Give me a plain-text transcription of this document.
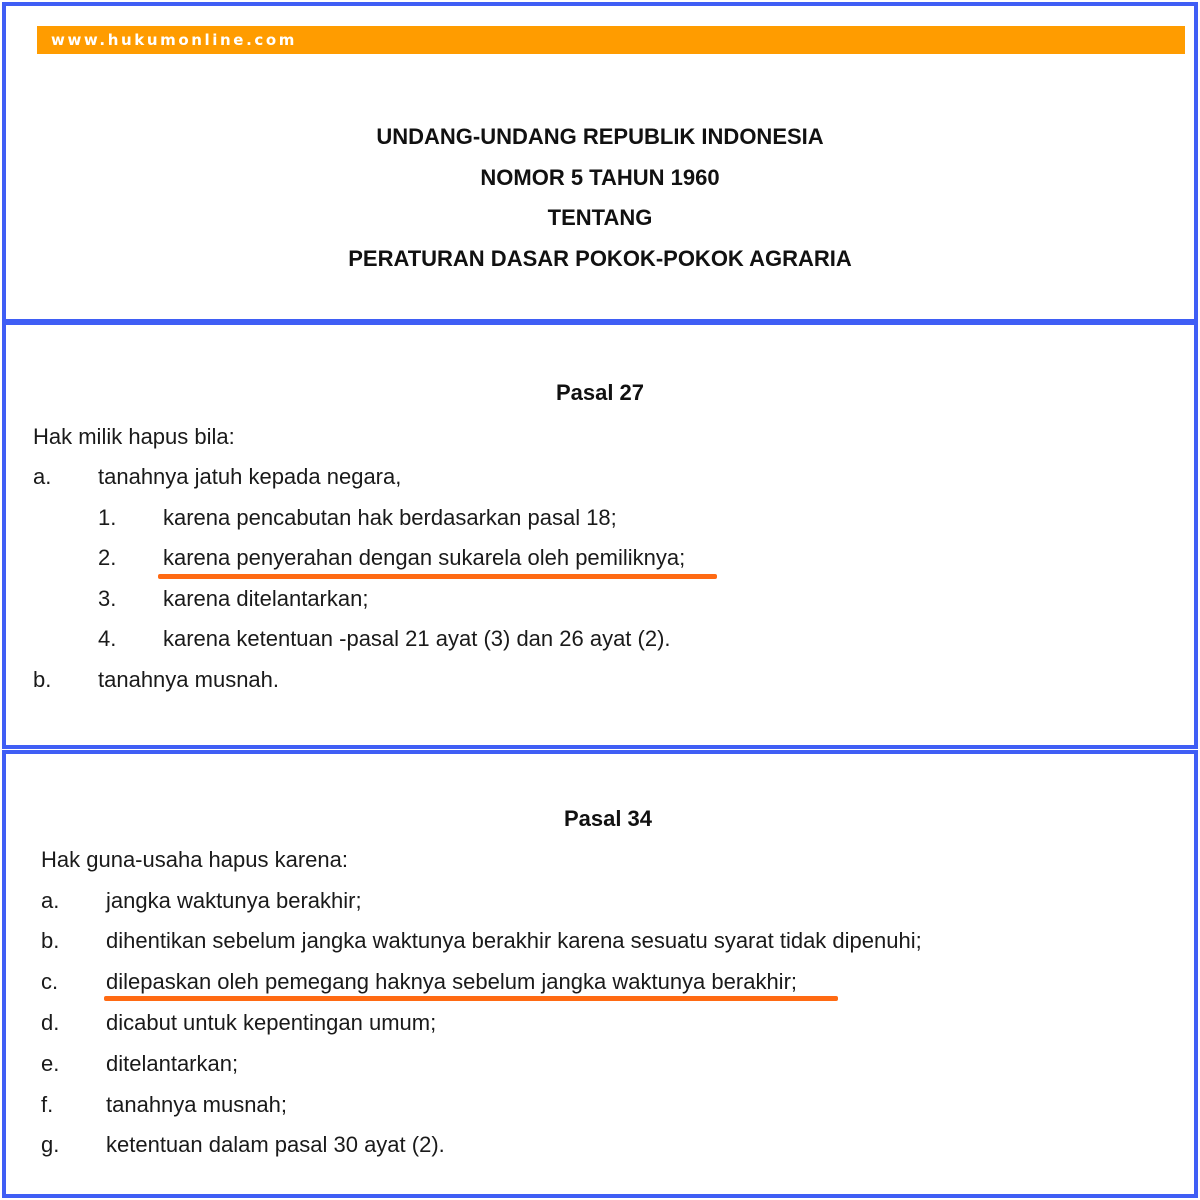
www.hukumonline.com
UNDANG-UNDANG REPUBLIK INDONESIA
NOMOR 5 TAHUN 1960
TENTANG
PERATURAN DASAR POKOK-POKOK AGRARIA
Pasal 27
Hak milik hapus bila:
a. tanahnya jatuh kepada negara,
1. karena pencabutan hak berdasarkan pasal 18;
2. karena penyerahan dengan sukarela oleh pemiliknya;
3. karena ditelantarkan;
4. karena ketentuan -pasal 21 ayat (3) dan 26 ayat (2).
b. tanahnya musnah.
Pasal 34
Hak guna-usaha hapus karena:
a. jangka waktunya berakhir;
b. dihentikan sebelum jangka waktunya berakhir karena sesuatu syarat tidak dipenuhi;
c. dilepaskan oleh pemegang haknya sebelum jangka waktunya berakhir;
d. dicabut untuk kepentingan umum;
e. ditelantarkan;
f. tanahnya musnah;
g. ketentuan dalam pasal 30 ayat (2).
